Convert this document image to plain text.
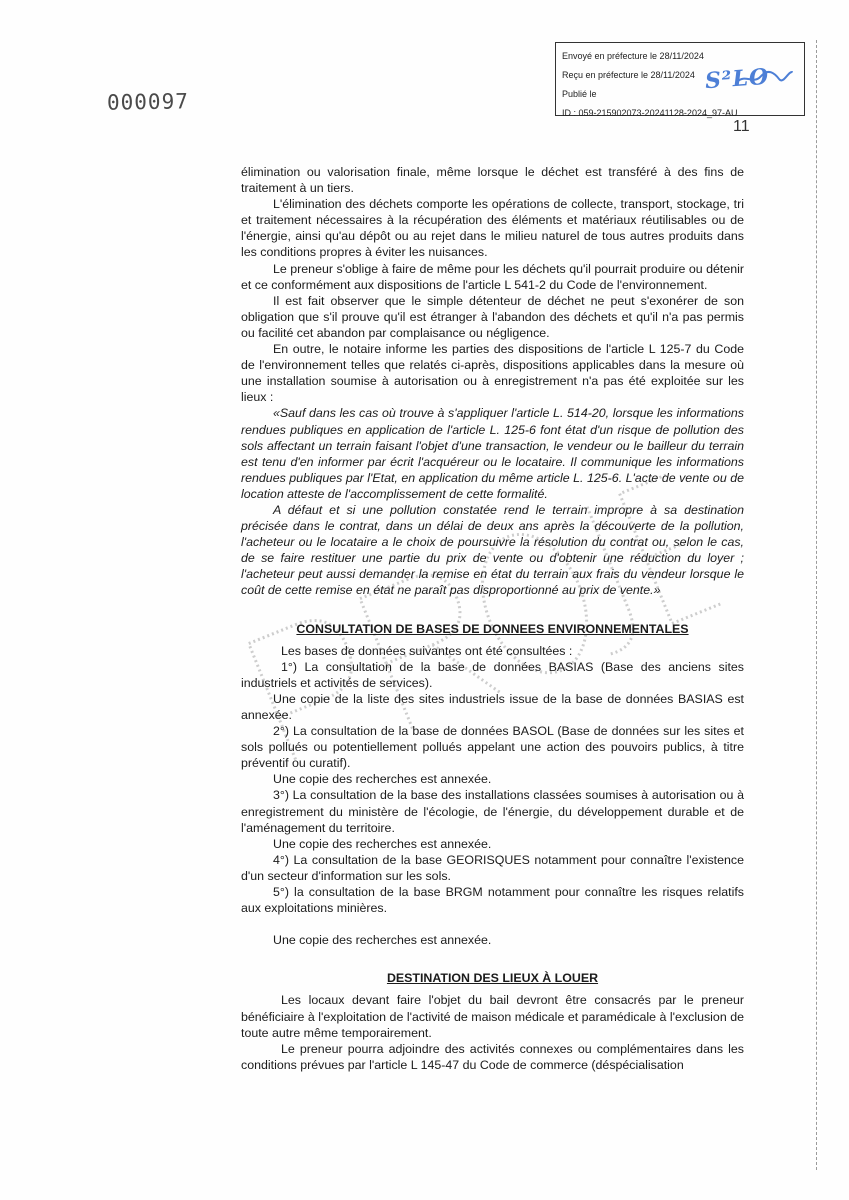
Envoyé en préfecture le 28/11/2024
Reçu en préfecture le 28/11/2024
Publié le
ID : 059-215902073-20241128-2024_97-AU
S²LO
000097
11

élimination ou valorisation finale, même lorsque le déchet est transféré à des fins de traitement à un tiers.

L'élimination des déchets comporte les opérations de collecte, transport, stockage, tri et traitement nécessaires à la récupération des éléments et matériaux réutilisables ou de l'énergie, ainsi qu'au dépôt ou au rejet dans le milieu naturel de tous autres produits dans les conditions propres à éviter les nuisances.

Le preneur s'oblige à faire de même pour les déchets qu'il pourrait produire ou détenir et ce conformément aux dispositions de l'article L 541-2 du Code de l'environnement.

Il est fait observer que le simple détenteur de déchet ne peut s'exonérer de son obligation que s'il prouve qu'il est étranger à l'abandon des déchets et qu'il n'a pas permis ou facilité cet abandon par complaisance ou négligence.

En outre, le notaire informe les parties des dispositions de l'article L 125-7 du Code de l'environnement telles que relatés ci-après, dispositions applicables dans la mesure où une installation soumise à autorisation ou à enregistrement n'a pas été exploitée sur les lieux :

«Sauf dans les cas où trouve à s'appliquer l'article L. 514-20, lorsque les informations rendues publiques en application de l'article L. 125-6 font état d'un risque de pollution des sols affectant un terrain faisant l'objet d'une transaction, le vendeur ou le bailleur du terrain est tenu d'en informer par écrit l'acquéreur ou le locataire. Il communique les informations rendues publiques par l'Etat, en application du même article L. 125-6. L'acte de vente ou de location atteste de l'accomplissement de cette formalité.

A défaut et si une pollution constatée rend le terrain impropre à sa destination précisée dans le contrat, dans un délai de deux ans après la découverte de la pollution, l'acheteur ou le locataire a le choix de poursuivre la résolution du contrat ou, selon le cas, de se faire restituer une partie du prix de vente ou d'obtenir une réduction du loyer ; l'acheteur peut aussi demander la remise en état du terrain aux frais du vendeur lorsque le coût de cette remise en état ne paraît pas disproportionné au prix de vente.»

CONSULTATION DE BASES DE DONNEES ENVIRONNEMENTALES

Les bases de données suivantes ont été consultées :

1°) La consultation de la base de données BASIAS (Base des anciens sites industriels et activités de services).

Une copie de la liste des sites industriels issue de la base de données BASIAS est annexée.

2°) La consultation de la base de données BASOL (Base de données sur les sites et sols pollués ou potentiellement pollués appelant une action des pouvoirs publics, à titre préventif ou curatif).

Une copie des recherches est annexée.

3°) La consultation de la base des installations classées soumises à autorisation ou à enregistrement du ministère de l'écologie, de l'énergie, du développement durable et de l'aménagement du territoire.

Une copie des recherches est annexée.

4°) La consultation de la base GEORISQUES notamment pour connaître l'existence d'un secteur d'information sur les sols.

5°) la consultation de la base BRGM notamment pour connaître les risques relatifs aux exploitations minières.

Une copie des recherches est annexée.

DESTINATION DES LIEUX À LOUER

Les locaux devant faire l'objet du bail devront être consacrés par le preneur bénéficiaire à l'exploitation de l'activité de maison médicale et paramédicale à l'exclusion de toute autre même temporairement.

Le preneur pourra adjoindre des activités connexes ou complémentaires dans les conditions prévues par l'article L 145-47 du Code de commerce (déspécialisation
